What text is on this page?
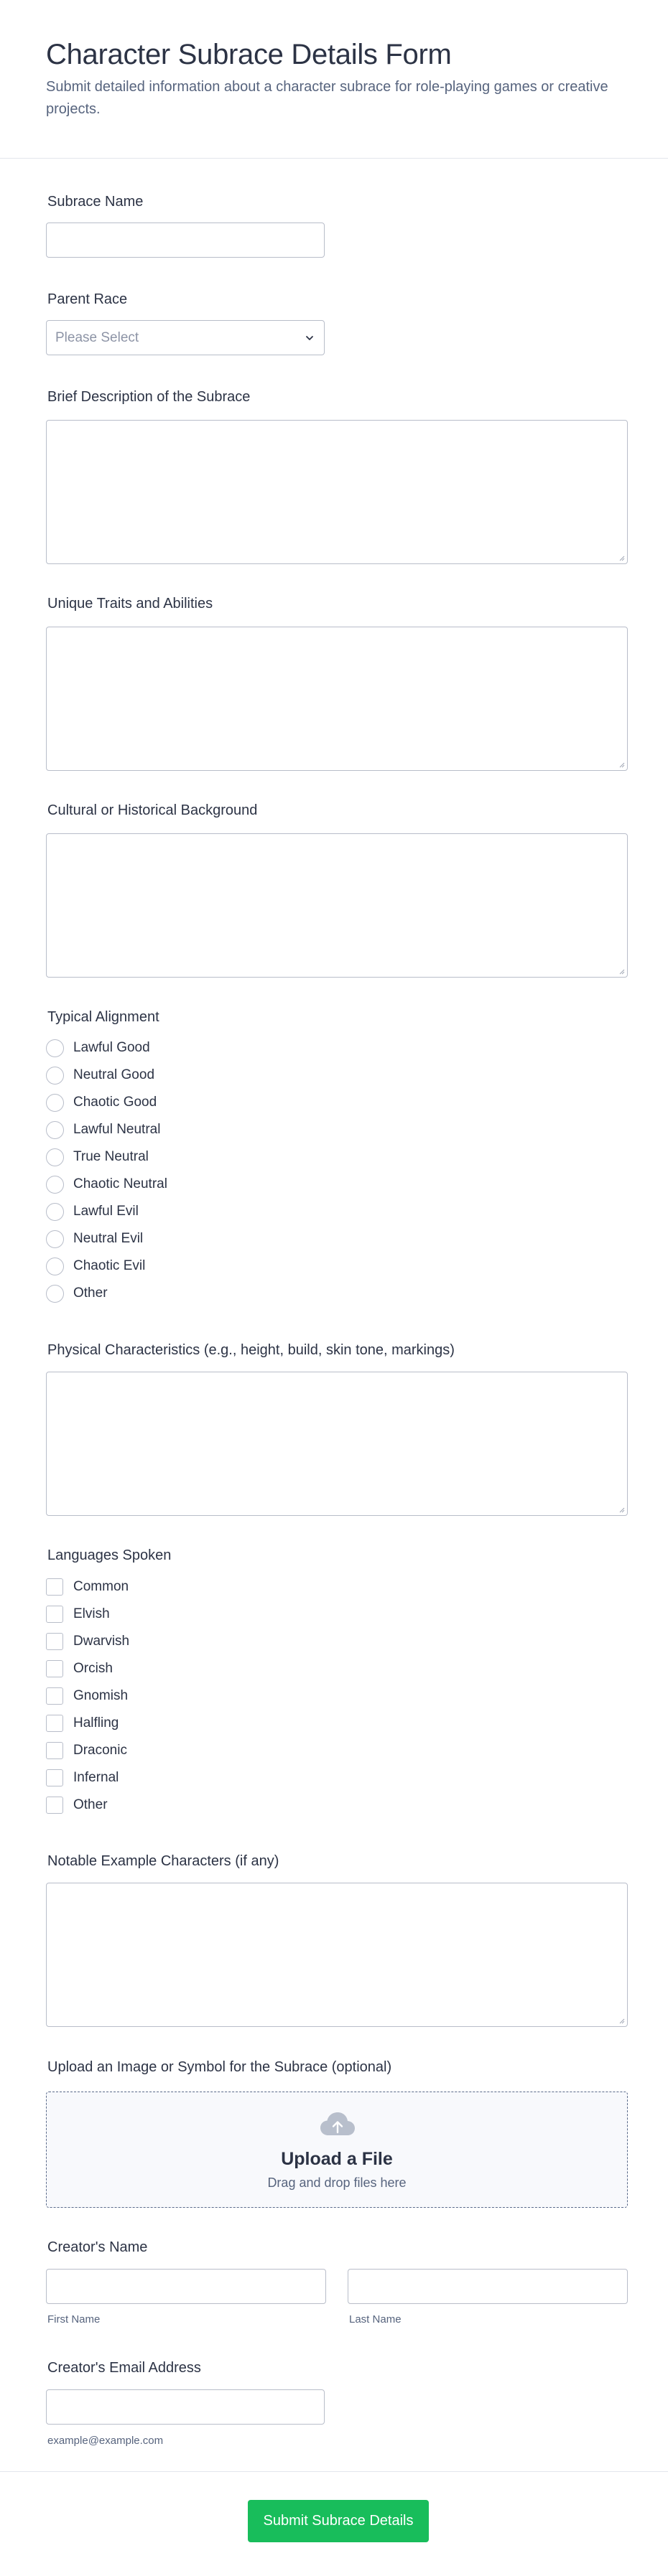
Character Subrace Details Form

Submit detailed information about a character subrace for role-playing games or creative projects.

Subrace Name
Parent Race
Please Select
Brief Description of the Subrace
Unique Traits and Abilities
Cultural or Historical Background
Typical Alignment
Lawful Good
Neutral Good
Chaotic Good
Lawful Neutral
True Neutral
Chaotic Neutral
Lawful Evil
Neutral Evil
Chaotic Evil
Other
Physical Characteristics (e.g., height, build, skin tone, markings)
Languages Spoken
Common
Elvish
Dwarvish
Orcish
Gnomish
Halfling
Draconic
Infernal
Other
Notable Example Characters (if any)
Upload an Image or Symbol for the Subrace (optional)
Upload a File
Drag and drop files here
Creator's Name
First Name	Last Name
Creator's Email Address
example@example.com
Submit Subrace Details
